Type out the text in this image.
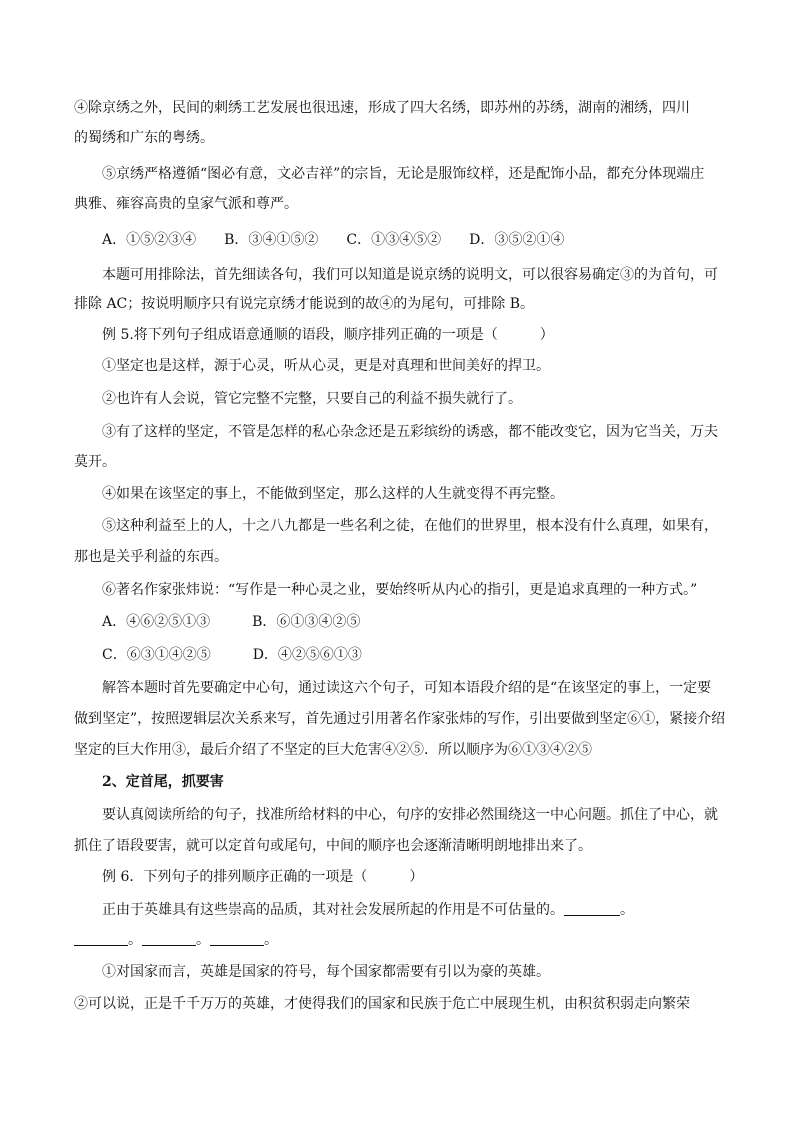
④除京绣之外，民间的刺绣工艺发展也很迅速，形成了四大名绣，即苏州的苏绣，湖南的湘绣，四川
的蜀绣和广东的粤绣。
⑤京绣严格遵循“图必有意，文必吉祥”的宗旨，无论是服饰纹样，还是配饰小品，都充分体现端庄
典雅、雍容高贵的皇家气派和尊严。
A．①⑤②③④　　B．③④①⑤②　　C．①③④⑤②　　D．③⑤②①④
本题可用排除法，首先细读各句，我们可以知道是说京绣的说明文，可以很容易确定③的为首句，可
排除 AC；按说明顺序只有说完京绣才能说到的故④的为尾句，可排除 B。
例 5.将下列句子组成语意通顺的语段，顺序排列正确的一项是（　　　）
①坚定也是这样，源于心灵，听从心灵，更是对真理和世间美好的捍卫。
②也许有人会说，管它完整不完整，只要自己的利益不损失就行了。
③有了这样的坚定，不管是怎样的私心杂念还是五彩缤纷的诱惑，都不能改变它，因为它当关，万夫
莫开。
④如果在该坚定的事上，不能做到坚定，那么这样的人生就变得不再完整。
⑤这种利益至上的人，十之八九都是一些名利之徒，在他们的世界里，根本没有什么真理，如果有，
那也是关乎利益的东西。
⑥著名作家张炜说：“写作是一种心灵之业，要始终听从内心的指引，更是追求真理的一种方式。”
A．④⑥②⑤①③　　　B．⑥①③④②⑤
C．⑥③①④②⑤　　　D．④②⑤⑥①③
解答本题时首先要确定中心句，通过读这六个句子，可知本语段介绍的是“在该坚定的事上，一定要
做到坚定”，按照逻辑层次关系来写，首先通过引用著名作家张炜的写作，引出要做到坚定⑥①，紧接介绍
坚定的巨大作用③，最后介绍了不坚定的巨大危害④②⑤．所以顺序为⑥①③④②⑤
2、定首尾，抓要害
要认真阅读所给的句子，找准所给材料的中心，句序的安排必然围绕这一中心问题。抓住了中心，就
抓住了语段要害，就可以定首句或尾句，中间的顺序也会逐渐清晰明朗地排出来了。
例 6．下列句子的排列顺序正确的一项是（　　　）
正由于英雄具有这些崇高的品质，其对社会发展所起的作用是不可估量的。	。
。	。	。
①对国家而言，英雄是国家的符号，每个国家都需要有引以为豪的英雄。
②可以说，正是千千万万的英雄，才使得我们的国家和民族于危亡中展现生机，由积贫积弱走向繁荣
